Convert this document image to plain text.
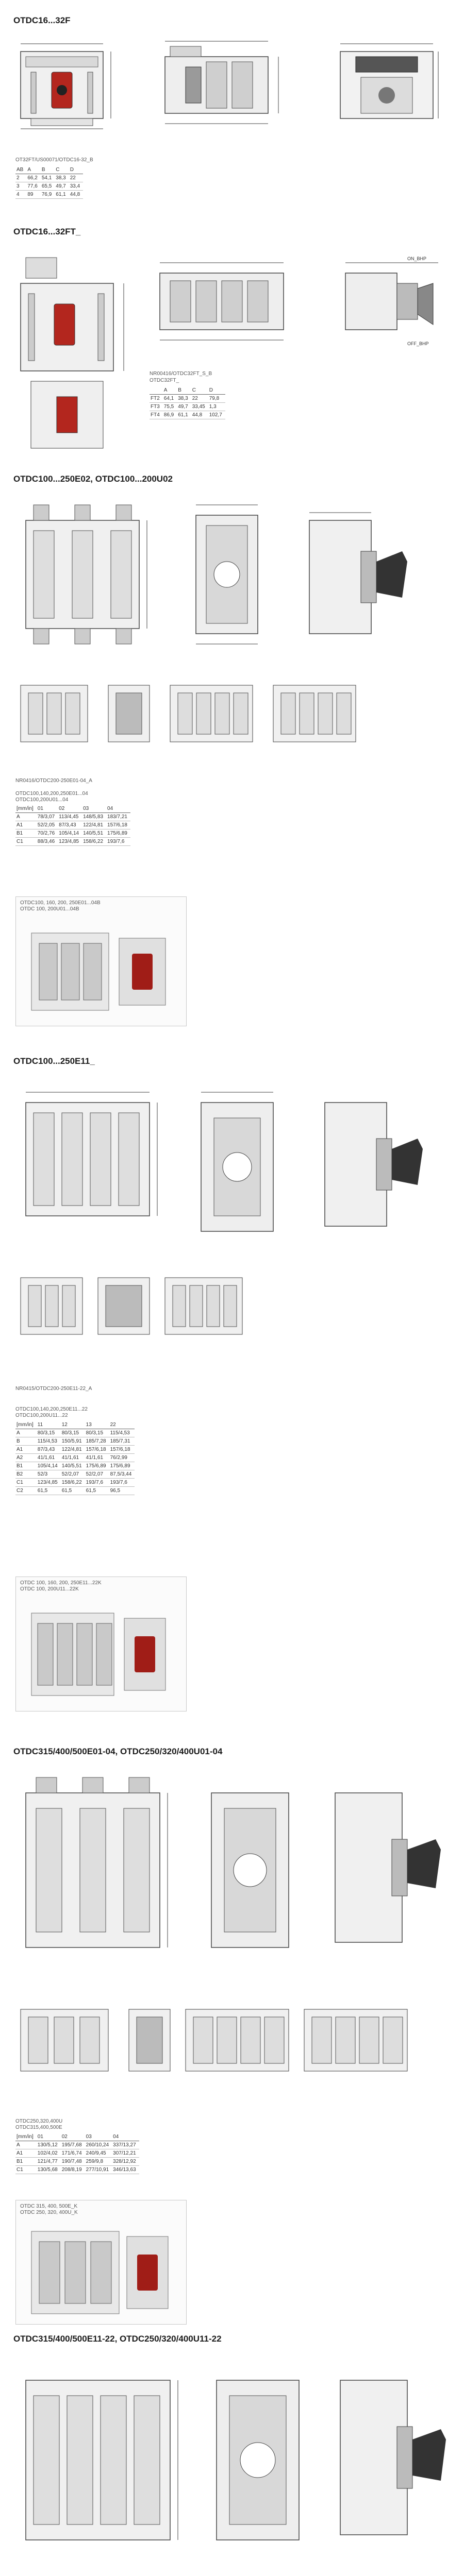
OTDC16...32F
OT32FT/US00071/OTDC16-32_B
AB	A	B	C	D
2	66,2	54,1	38,3	22
3	77,6	65,5	49,7	33,4
4	89	76,9	61,1	44,8
OTDC16...32FT_
ON_BHP
OFF_BHP
NR00416/OTDC32FT_S_B
OTDC32FT_
	A	B	C	D
FT2	64,1	38,3	22	79,8
FT3	75,5	49,7	33,45	1,3
FT4	86,9	61,1	44,8	102,7
OTDC100...250E02, OTDC100...200U02
NR0416/OTDC200-250E01-04_A
OTDC100,140,200,250E01...04
OTDC100,200U01...04
[mm/in]	01	02	03	04
A	78/3,07	113/4,45	148/5,83	183/7,21
A1	52/2,05	87/3,43	122/4,81	157/6,18
B1	70/2,76	105/4,14	140/5,51	175/6,89
C1	88/3,46	123/4,85	158/6,22	193/7,6
OTDC100, 160, 200, 250E01...04B
OTDC 100, 200U01...04B
OTDC100...250E11_
NR0415/OTDC200-250E11-22_A
OTDC100,140,200,250E11...22
OTDC100,200U11...22
[mm/in]	11	12	13	22
A	80/3,15	80/3,15	80/3,15	115/4,53
B	115/4,53	150/5,91	185/7,28	185/7,31
A1	87/3,43	122/4,81	157/6,18	157/6,18
A2	41/1,61	41/1,61	41/1,61	76/2,99
B1	105/4,14	140/5,51	175/6,89	175/6,89
B2	52/3	52/2,07	52/2,07	87,5/3,44
C1	123/4,85	158/6,22	193/7,6	193/7,6
C2	61,5	61,5	61,5	96,5
OTDC 100, 160, 200, 250E11...22K
OTDC 100, 200U11...22K
OTDC315/400/500E01-04, OTDC250/320/400U01-04
OTDC250,320,400U
OTDC315,400,500E
[mm/in]	01	02	03	04
A	130/5,12	195/7,68	260/10,24	337/13,27
A1	102/4,02	171/6,74	240/9,45	307/12,21
B1	121/4,77	190/7,48	259/9,8	328/12,92
C1	130/5,68	208/8,19	277/10,91	346/13,63
OTDC 315, 400, 500E_K
OTDC 250, 320, 400U_K
OTDC315/400/500E11-22, OTDC250/320/400U11-22
